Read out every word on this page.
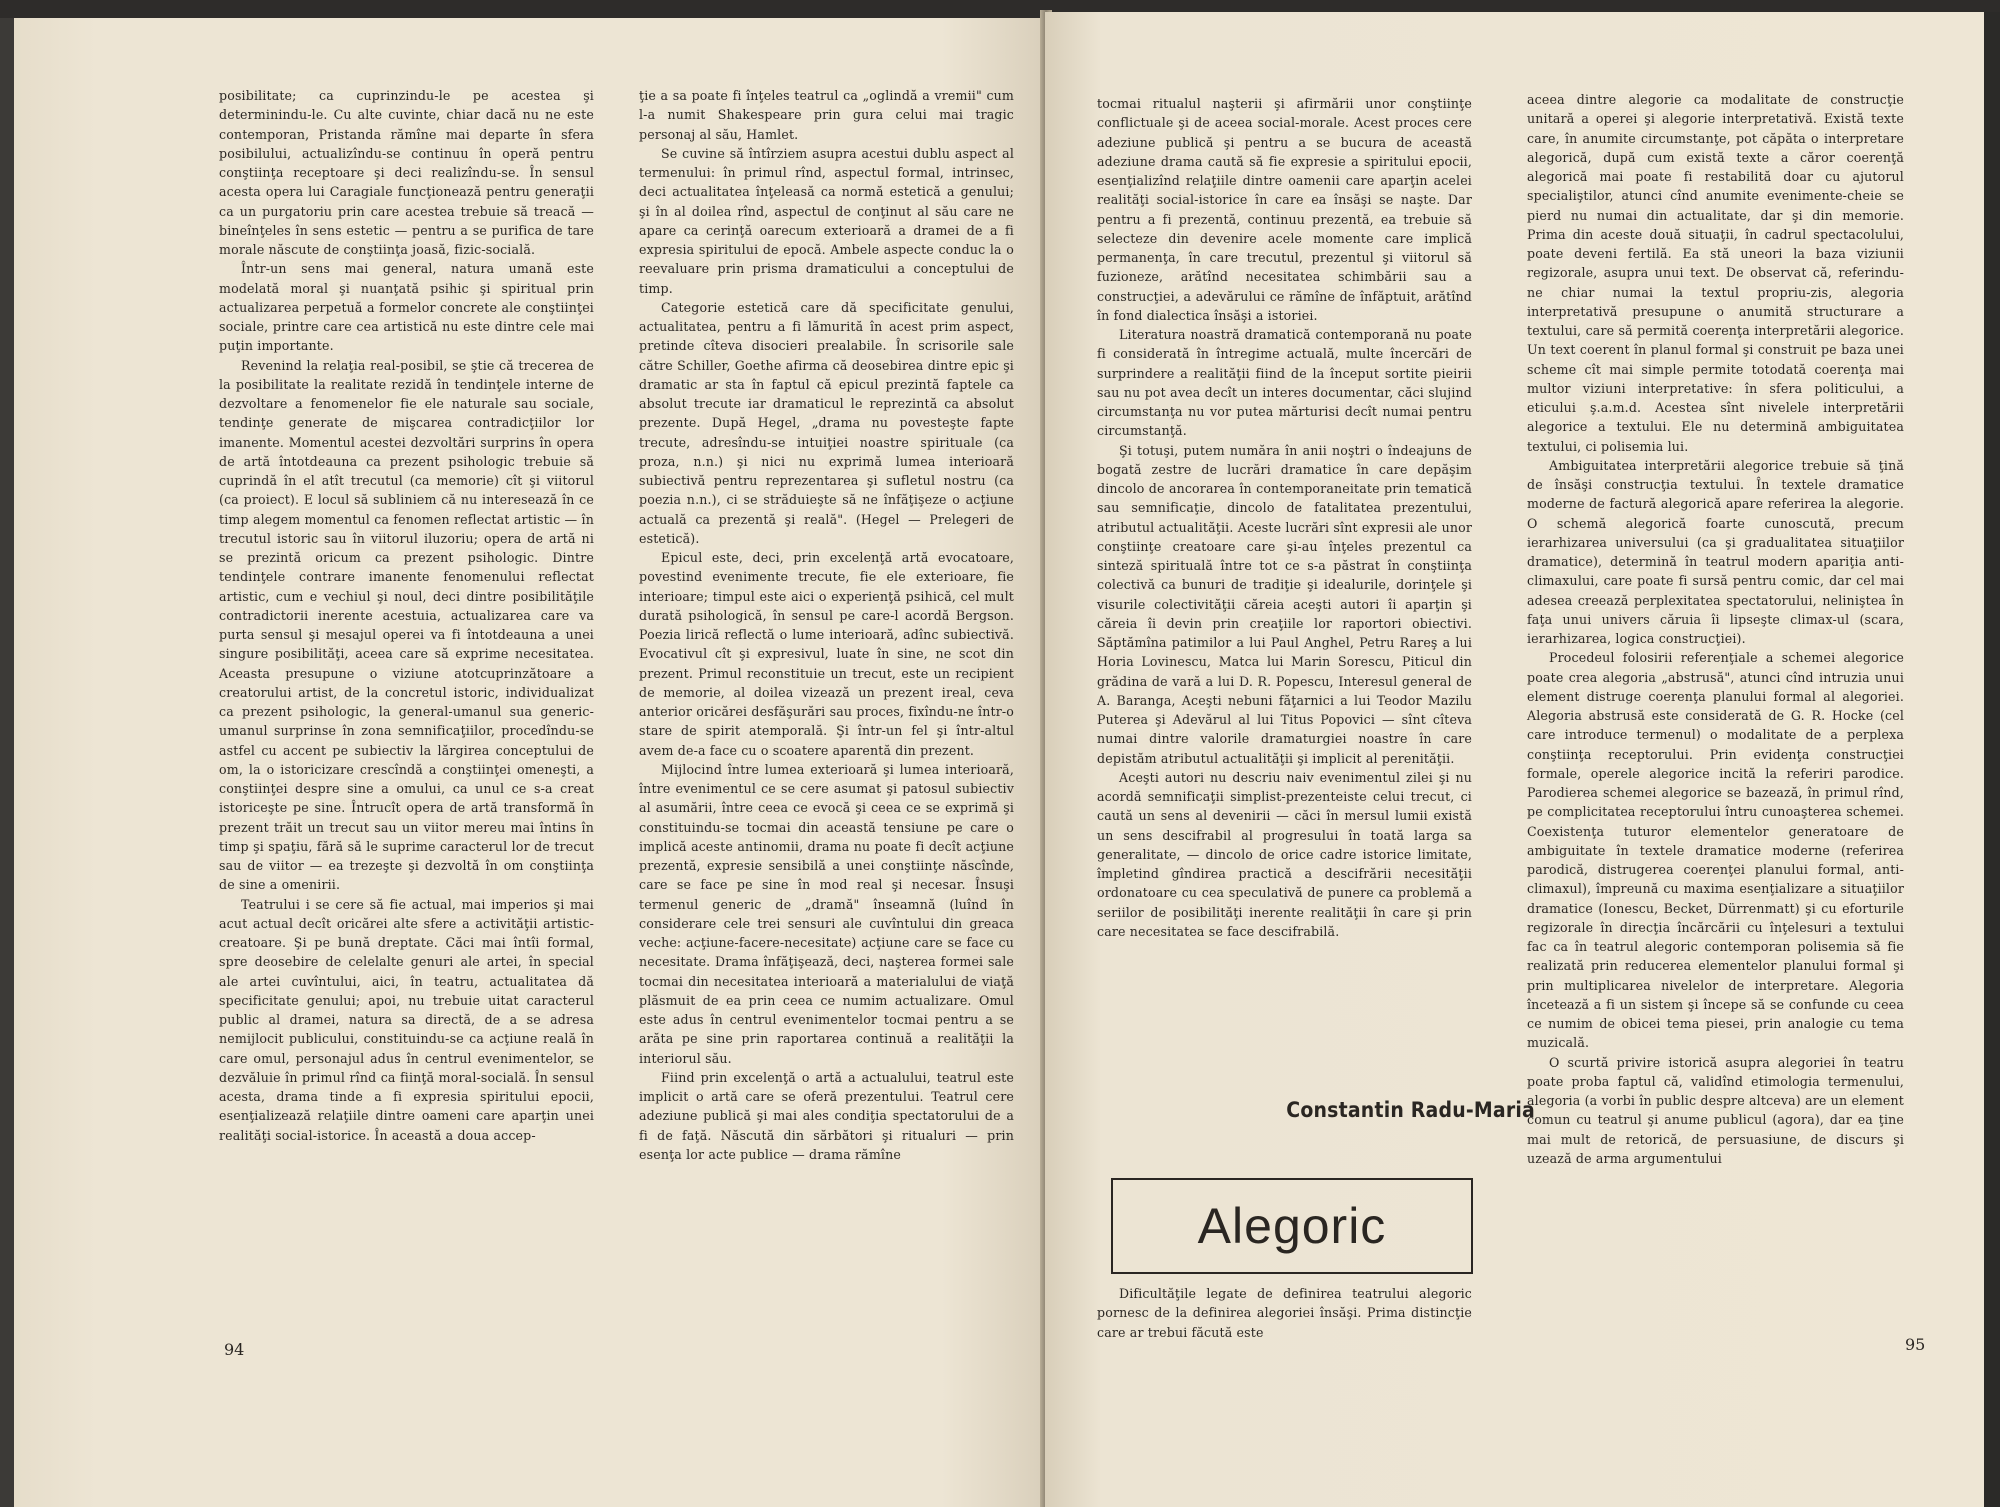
posibilitate; ca cuprinzindu-le pe acestea şi determinindu-le. Cu alte cuvinte, chiar dacă nu ne este contemporan, Pristanda rămîne mai departe în sfera posibilului, actualizîndu-se continuu în operă pentru conştiinţa receptoare şi deci realizîndu-se. În sensul acesta opera lui Caragiale funcţionează pentru generaţii ca un purgatoriu prin care acestea trebuie să treacă — bineînţeles în sens estetic — pentru a se purifica de tare morale născute de conştiinţa joasă, fizic-socială.

Într-un sens mai general, natura umană este modelată moral şi nuanţată psihic şi spiritual prin actualizarea perpetuă a formelor concrete ale conştiinţei sociale, printre care cea artistică nu este dintre cele mai puţin importante.

Revenind la relaţia real-posibil, se ştie că trecerea de la posibilitate la realitate rezidă în tendinţele interne de dezvoltare a fenomenelor fie ele naturale sau sociale, tendinţe generate de mişcarea contradicţiilor lor imanente. Momentul acestei dezvoltări surprins în opera de artă întotdeauna ca prezent psihologic trebuie să cuprindă în el atît trecutul (ca memorie) cît şi viitorul (ca proiect). E locul să subliniem că nu interesează în ce timp alegem momentul ca fenomen reflectat artistic — în trecutul istoric sau în viitorul iluzoriu; opera de artă ni se prezintă oricum ca prezent psihologic. Dintre tendinţele contrare imanente fenomenului reflectat artistic, cum e vechiul şi noul, deci dintre posibilităţile contradictorii inerente acestuia, actualizarea care va purta sensul şi mesajul operei va fi întotdeauna a unei singure posibilităţi, aceea care să exprime necesitatea. Aceasta presupune o viziune atotcuprinzătoare a creatorului artist, de la concretul istoric, individualizat ca prezent psihologic, la general-umanul sua generic-umanul surprinse în zona semnificaţiilor, procedîndu-se astfel cu accent pe subiectiv la lărgirea conceptului de om, la o istoricizare crescîndă a conştiinţei omeneşti, a conştiinţei despre sine a omului, ca unul ce s-a creat istoriceşte pe sine. Întrucît opera de artă transformă în prezent trăit un trecut sau un viitor mereu mai întins în timp şi spaţiu, fără să le suprime caracterul lor de trecut sau de viitor — ea trezeşte şi dezvoltă în om conştiinţa de sine a omenirii.

Teatrului i se cere să fie actual, mai imperios şi mai acut actual decît oricărei alte sfere a activităţii artistic-creatoare. Şi pe bună dreptate. Căci mai întîi formal, spre deosebire de celelalte genuri ale artei, în special ale artei cuvîntului, aici, în teatru, actualitatea dă specificitate genului; apoi, nu trebuie uitat caracterul public al dramei, natura sa directă, de a se adresa nemijlocit publicului, constituindu-se ca acţiune reală în care omul, personajul adus în centrul evenimentelor, se dezvăluie în primul rînd ca fiinţă moral-socială. În sensul acesta, drama tinde a fi expresia spiritului epocii, esenţializează relaţiile dintre oameni care aparţin unei realităţi social-istorice. În această a doua accep-

ţie a sa poate fi înţeles teatrul ca „oglindă a vremii" cum l-a numit Shakespeare prin gura celui mai tragic personaj al său, Hamlet.

Se cuvine să întîrziem asupra acestui dublu aspect al termenului: în primul rînd, aspectul formal, intrinsec, deci actualitatea înţeleasă ca normă estetică a genului; şi în al doilea rînd, aspectul de conţinut al său care ne apare ca cerinţă oarecum exterioară a dramei de a fi expresia spiritului de epocă. Ambele aspecte conduc la o reevaluare prin prisma dramaticului a conceptului de timp.

Categorie estetică care dă specificitate genului, actualitatea, pentru a fi lămurită în acest prim aspect, pretinde cîteva disocieri prealabile. În scrisorile sale către Schiller, Goethe afirma că deosebirea dintre epic şi dramatic ar sta în faptul că epicul prezintă faptele ca absolut trecute iar dramaticul le reprezintă ca absolut prezente. După Hegel, „drama nu povesteşte fapte trecute, adresîndu-se intuiţiei noastre spirituale (ca proza, n.n.) şi nici nu exprimă lumea interioară subiectivă pentru reprezentarea şi sufletul nostru (ca poezia n.n.), ci se străduieşte să ne înfăţişeze o acţiune actuală ca prezentă şi reală". (Hegel — Prelegeri de estetică).

Epicul este, deci, prin excelenţă artă evocatoare, povestind evenimente trecute, fie ele exterioare, fie interioare; timpul este aici o experienţă psihică, cel mult durată psihologică, în sensul pe care-l acordă Bergson. Poezia lirică reflectă o lume interioară, adînc subiectivă. Evocativul cît şi expresivul, luate în sine, ne scot din prezent. Primul reconstituie un trecut, este un recipient de memorie, al doilea vizează un prezent ireal, ceva anterior oricărei desfăşurări sau proces, fixîndu-ne într-o stare de spirit atemporală. Şi într-un fel şi într-altul avem de-a face cu o scoatere aparentă din prezent.

Mijlocind între lumea exterioară şi lumea interioară, între evenimentul ce se cere asumat şi patosul subiectiv al asumării, între ceea ce evocă şi ceea ce se exprimă şi constituindu-se tocmai din această tensiune pe care o implică aceste antinomii, drama nu poate fi decît acţiune prezentă, expresie sensibilă a unei conştiinţe născînde, care se face pe sine în mod real şi necesar. Însuşi termenul generic de „dramă" înseamnă (luînd în considerare cele trei sensuri ale cuvîntului din greaca veche: acţiune-facere-necesitate) acţiune care se face cu necesitate. Drama înfăţişează, deci, naşterea formei sale tocmai din necesitatea interioară a materialului de viaţă plăsmuit de ea prin ceea ce numim actualizare. Omul este adus în centrul evenimentelor tocmai pentru a se arăta pe sine prin raportarea continuă a realităţii la interiorul său.

Fiind prin excelenţă o artă a actualului, teatrul este implicit o artă care se oferă prezentului. Teatrul cere adeziune publică şi mai ales condiţia spectatorului de a fi de faţă. Născută din sărbători şi ritualuri — prin esenţa lor acte publice — drama rămîne

94

tocmai ritualul naşterii şi afirmării unor conştiinţe conflictuale şi de aceea social-morale. Acest proces cere adeziune publică şi pentru a se bucura de această adeziune drama caută să fie expresie a spiritului epocii, esenţializînd relaţiile dintre oamenii care aparţin acelei realităţi social-istorice în care ea însăşi se naşte. Dar pentru a fi prezentă, continuu prezentă, ea trebuie să selecteze din devenire acele momente care implică permanenţa, în care trecutul, prezentul şi viitorul să fuzioneze, arătînd necesitatea schimbării sau a construcţiei, a adevărului ce rămîne de înfăptuit, arătînd în fond dialectica însăşi a istoriei.

Literatura noastră dramatică contemporană nu poate fi considerată în întregime actuală, multe încercări de surprindere a realităţii fiind de la început sortite pieirii sau nu pot avea decît un interes documentar, căci slujind circumstanţa nu vor putea mărturisi decît numai pentru circumstanţă.

Şi totuşi, putem număra în anii noştri o îndeajuns de bogată zestre de lucrări dramatice în care depăşim dincolo de ancorarea în contemporaneitate prin tematică sau semnificaţie, dincolo de fatalitatea prezentului, atributul actualităţii. Aceste lucrări sînt expresii ale unor conştiinţe creatoare care şi-au înţeles prezentul ca sinteză spirituală între tot ce s-a păstrat în conştiinţa colectivă ca bunuri de tradiţie şi idealurile, dorinţele şi visurile colectivităţii căreia aceşti autori îi aparţin şi căreia îi devin prin creaţiile lor raportori obiectivi. Săptămîna patimilor a lui Paul Anghel, Petru Rareş a lui Horia Lovinescu, Matca lui Marin Sorescu, Piticul din grădina de vară a lui D. R. Popescu, Interesul general de A. Baranga, Aceşti nebuni făţarnici a lui Teodor Mazilu Puterea şi Adevărul al lui Titus Popovici — sînt cîteva numai dintre valorile dramaturgiei noastre în care depistăm atributul actualităţii şi implicit al perenităţii.

Aceşti autori nu descriu naiv evenimentul zilei şi nu acordă semnificaţii simplist-prezenteiste celui trecut, ci caută un sens al devenirii — căci în mersul lumii există un sens descifrabil al progresului în toată larga sa generalitate, — dincolo de orice cadre istorice limitate, împletind gîndirea practică a descifrării necesităţii ordonatoare cu cea speculativă de punere ca problemă a seriilor de posibilităţi inerente realităţii în care şi prin care necesitatea se face descifrabilă.

Constantin Radu-Maria
Alegoric

Dificultăţile legate de definirea teatrului alegoric pornesc de la definirea alegoriei însăşi. Prima distincţie care ar trebui făcută este

aceea dintre alegorie ca modalitate de construcţie unitară a operei şi alegorie interpretativă. Există texte care, în anumite circumstanţe, pot căpăta o interpretare alegorică, după cum există texte a căror coerenţă alegorică mai poate fi restabilită doar cu ajutorul specialiştilor, atunci cînd anumite evenimente-cheie se pierd nu numai din actualitate, dar şi din memorie. Prima din aceste două situaţii, în cadrul spectacolului, poate deveni fertilă. Ea stă uneori la baza viziunii regizorale, asupra unui text. De observat că, referindu-ne chiar numai la textul propriu-zis, alegoria interpretativă presupune o anumită structurare a textului, care să permită coerenţa interpretării alegorice. Un text coerent în planul formal şi construit pe baza unei scheme cît mai simple permite totodată coerenţa mai multor viziuni interpretative: în sfera politicului, a eticului ş.a.m.d. Acestea sînt nivelele interpretării alegorice a textului. Ele nu determină ambiguitatea textului, ci polisemia lui.

Ambiguitatea interpretării alegorice trebuie să ţină de însăşi construcţia textului. În textele dramatice moderne de factură alegorică apare referirea la alegorie. O schemă alegorică foarte cunoscută, precum ierarhizarea universului (ca şi gradualitatea situaţiilor dramatice), determină în teatrul modern apariţia anti-climaxului, care poate fi sursă pentru comic, dar cel mai adesea creează perplexitatea spectatorului, neliniştea în faţa unui univers căruia îi lipseşte climax-ul (scara, ierarhizarea, logica construcţiei).

Procedeul folosirii referenţiale a schemei alegorice poate crea alegoria „abstrusă", atunci cînd intruzia unui element distruge coerenţa planului formal al alegoriei. Alegoria abstrusă este considerată de G. R. Hocke (cel care introduce termenul) o modalitate de a perplexa conştiinţa receptorului. Prin evidenţa construcţiei formale, operele alegorice incită la referiri parodice. Parodierea schemei alegorice se bazează, în primul rînd, pe complicitatea receptorului întru cunoaşterea schemei. Coexistenţa tuturor elementelor generatoare de ambiguitate în textele dramatice moderne (referirea parodică, distrugerea coerenţei planului formal, anti-climaxul), împreună cu maxima esenţializare a situaţiilor dramatice (Ionescu, Becket, Dürrenmatt) şi cu eforturile regizorale în direcţia încărcării cu înţelesuri a textului fac ca în teatrul alegoric contemporan polisemia să fie realizată prin reducerea elementelor planului formal şi prin multiplicarea nivelelor de interpretare. Alegoria încetează a fi un sistem şi începe să se confunde cu ceea ce numim de obicei tema piesei, prin analogie cu tema muzicală.

O scurtă privire istorică asupra alegoriei în teatru poate proba faptul că, validînd etimologia termenului, alegoria (a vorbi în public despre altceva) are un element comun cu teatrul şi anume publicul (agora), dar ea ţine mai mult de retorică, de persuasiune, de discurs şi uzează de arma argumentului

95
